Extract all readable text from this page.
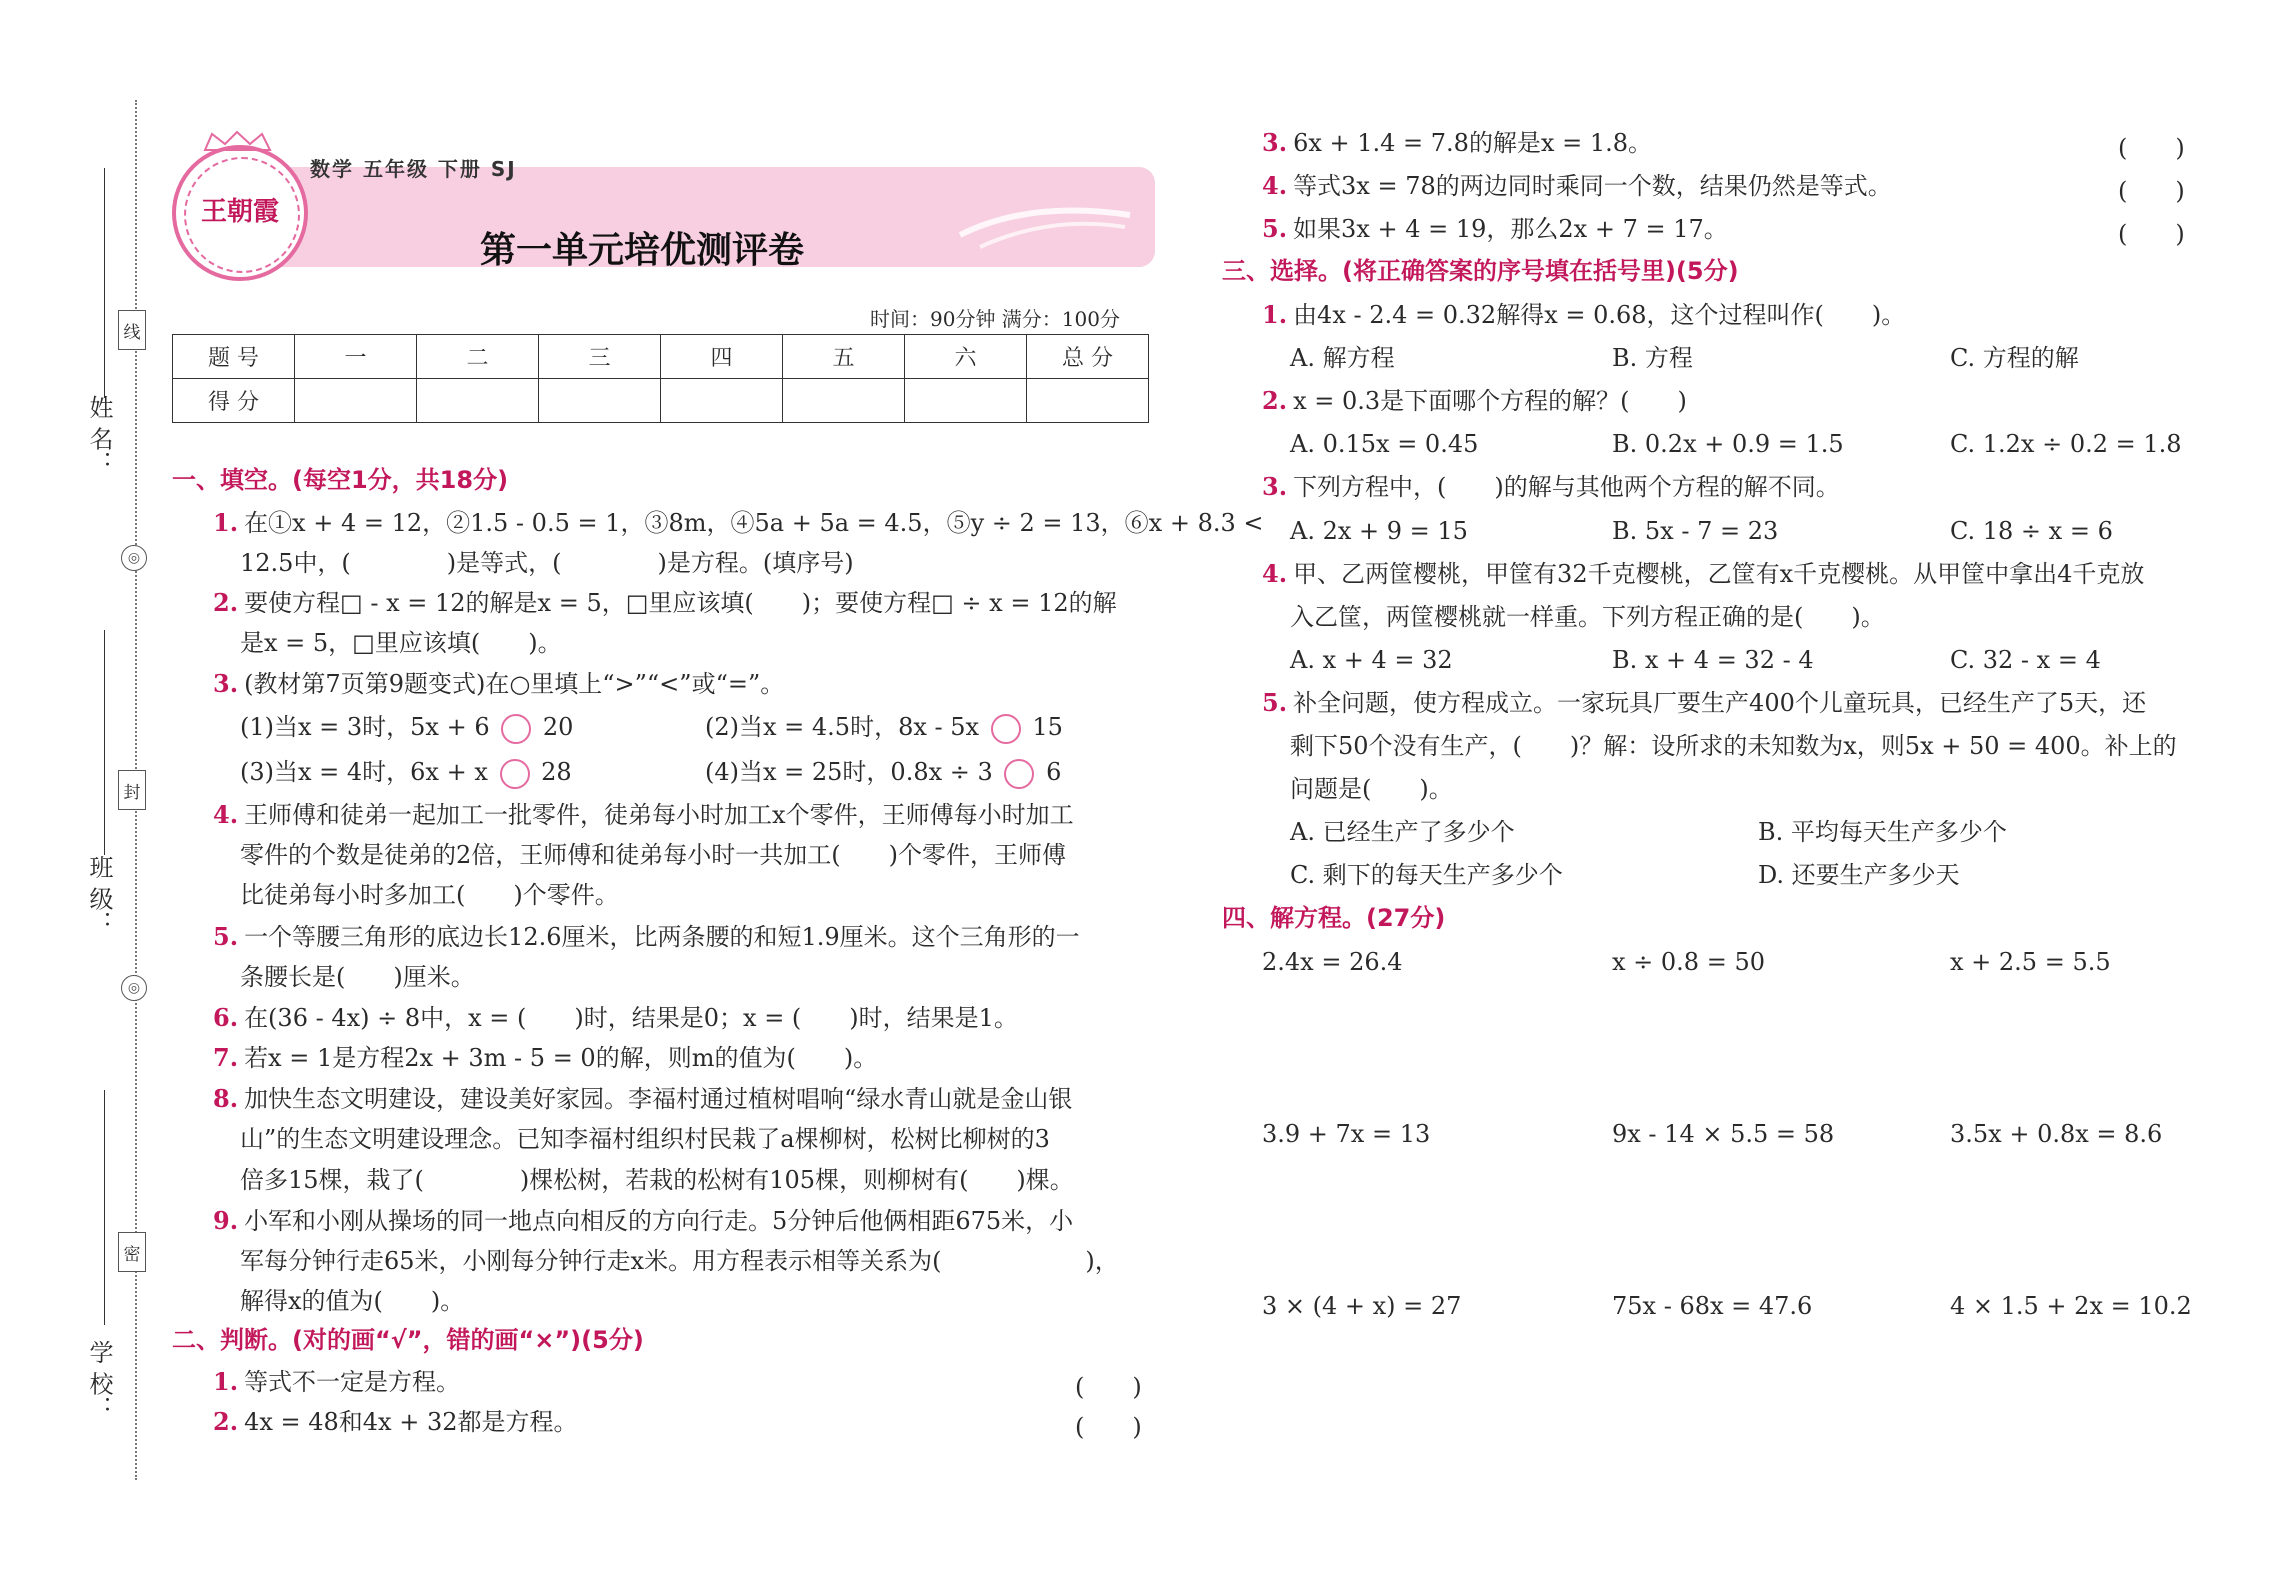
姓 名：
线
◎
班 级：
封
◎
学 校：
密
王朝霞
数学 五年级 下册 SJ
第一单元培优测评卷
时间：90分钟 满分：100分
题 号	一	二	三	四	五	六	总 分
得 分							
一、填空。(每空1分，共18分)
1. 在①x + 4 = 12，②1.5 - 0.5 = 1，③8m，④5a + 5a = 4.5，⑤y ÷ 2 = 13，⑥x + 8.3 <
12.5中，(　　　　)是等式，(　　　　)是方程。(填序号)
2. 要使方程□ - x = 12的解是x = 5，□里应该填(　　)；要使方程□ ÷ x = 12的解
是x = 5，□里应该填(　　)。
3. (教材第7页第9题变式)在○里填上“>”“<”或“=”。
(1)当x = 3时，5x + 6 20	(2)当x = 4.5时，8x - 5x 15
(3)当x = 4时，6x + x 28	(4)当x = 25时，0.8x ÷ 3 6
4. 王师傅和徒弟一起加工一批零件，徒弟每小时加工x个零件，王师傅每小时加工
零件的个数是徒弟的2倍，王师傅和徒弟每小时一共加工(　　)个零件，王师傅
比徒弟每小时多加工(　　)个零件。
5. 一个等腰三角形的底边长12.6厘米，比两条腰的和短1.9厘米。这个三角形的一
条腰长是(　　)厘米。
6. 在(36 - 4x) ÷ 8中，x = (　　)时，结果是0；x = (　　)时，结果是1。
7. 若x = 1是方程2x + 3m - 5 = 0的解，则m的值为(　　)。
8. 加快生态文明建设，建设美好家园。李福村通过植树唱响“绿水青山就是金山银
山”的生态文明建设理念。已知李福村组织村民栽了a棵柳树，松树比柳树的3
倍多15棵，栽了(　　　　)棵松树，若栽的松树有105棵，则柳树有(　　)棵。
9. 小军和小刚从操场的同一地点向相反的方向行走。5分钟后他俩相距675米，小
军每分钟行走65米，小刚每分钟行走x米。用方程表示相等关系为(　　　　　　)，
解得x的值为(　　)。
二、判断。(对的画“√”，错的画“×”)(5分)
1. 等式不一定是方程。	(　　)
2. 4x = 48和4x + 32都是方程。	(　　)
3. 6x + 1.4 = 7.8的解是x = 1.8。	(　　)
4. 等式3x = 78的两边同时乘同一个数，结果仍然是等式。	(　　)
5. 如果3x + 4 = 19，那么2x + 7 = 17。	(　　)
三、选择。(将正确答案的序号填在括号里)(5分)
1. 由4x - 2.4 = 0.32解得x = 0.68，这个过程叫作(　　)。
A. 解方程	B. 方程	C. 方程的解
2. x = 0.3是下面哪个方程的解？(　　)
A. 0.15x = 0.45	B. 0.2x + 0.9 = 1.5	C. 1.2x ÷ 0.2 = 1.8
3. 下列方程中，(　　)的解与其他两个方程的解不同。
A. 2x + 9 = 15	B. 5x - 7 = 23	C. 18 ÷ x = 6
4. 甲、乙两筐樱桃，甲筐有32千克樱桃，乙筐有x千克樱桃。从甲筐中拿出4千克放
入乙筐，两筐樱桃就一样重。下列方程正确的是(　　)。
A. x + 4 = 32	B. x + 4 = 32 - 4	C. 32 - x = 4
5. 补全问题，使方程成立。一家玩具厂要生产400个儿童玩具，已经生产了5天，还
剩下50个没有生产，(　　)？解：设所求的未知数为x，则5x + 50 = 400。补上的
问题是(　　)。
A. 已经生产了多少个	B. 平均每天生产多少个
C. 剩下的每天生产多少个	D. 还要生产多少天
四、解方程。(27分)
2.4x = 26.4	x ÷ 0.8 = 50	x + 2.5 = 5.5
3.9 + 7x = 13	9x - 14 × 5.5 = 58	3.5x + 0.8x = 8.6
3 × (4 + x) = 27	75x - 68x = 47.6	4 × 1.5 + 2x = 10.2
